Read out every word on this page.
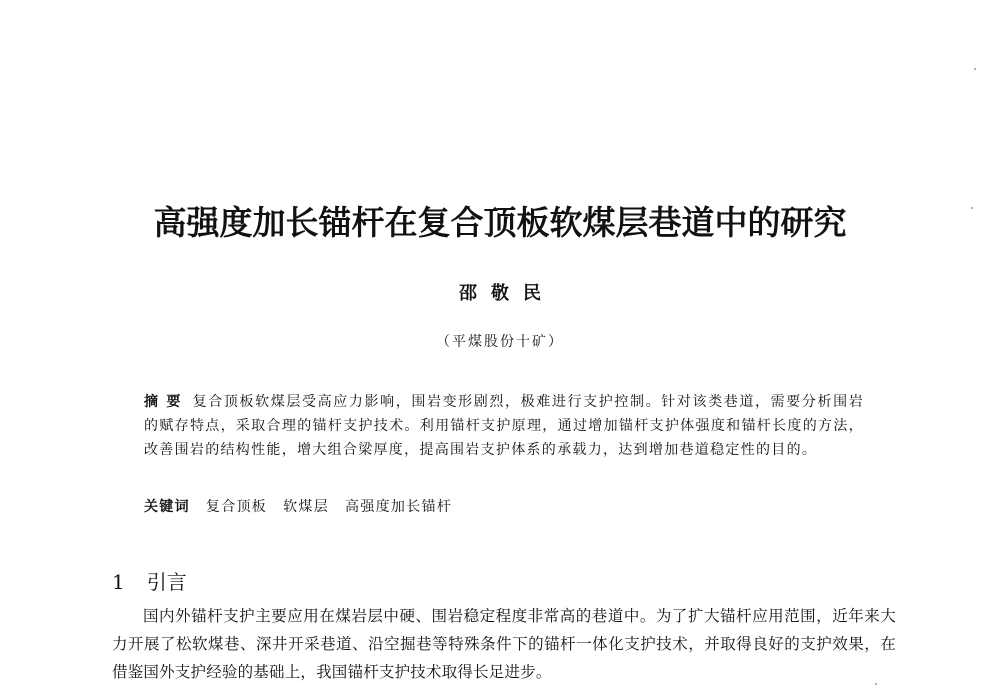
高强度加长锚杆在复合顶板软煤层巷道中的研究
邵敬民
（平煤股份十矿）
摘要 复合顶板软煤层受高应力影响，围岩变形剧烈，极难进行支护控制。针对该类巷道，需要分析围岩的赋存特点，采取合理的锚杆支护技术。利用锚杆支护原理，通过增加锚杆支护体强度和锚杆长度的方法，改善围岩的结构性能，增大组合梁厚度，提高围岩支护体系的承载力，达到增加巷道稳定性的目的。
关键词 复合顶板 软煤层 高强度加长锚杆
1 引言
国内外锚杆支护主要应用在煤岩层中硬、围岩稳定程度非常高的巷道中。为了扩大锚杆应用范围，近年来大力开展了松软煤巷、深井开采巷道、沿空掘巷等特殊条件下的锚杆一体化支护技术，并取得良好的支护效果，在借鉴国外支护经验的基础上，我国锚杆支护技术取得长足进步。
